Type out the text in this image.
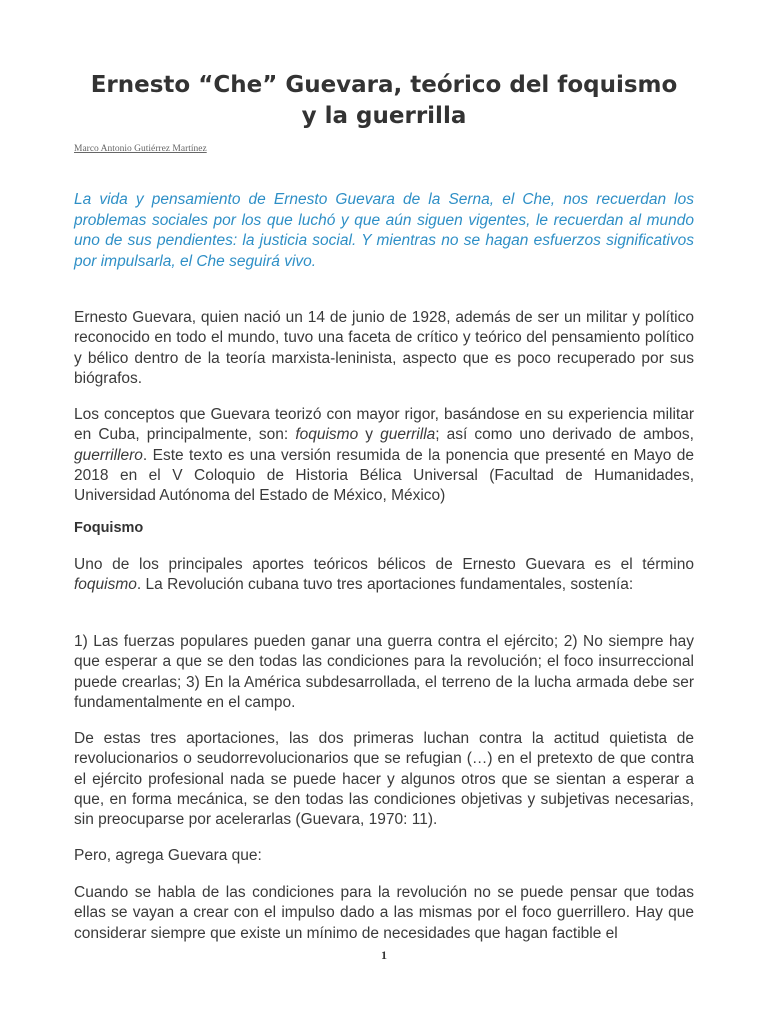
Ernesto “Che” Guevara, teórico del foquismo y la guerrilla
Marco Antonio Gutiérrez Martínez

La vida y pensamiento de Ernesto Guevara de la Serna, el Che, nos recuerdan los problemas sociales por los que luchó y que aún siguen vigentes, le recuerdan al mundo uno de sus pendientes: la justicia social. Y mientras no se hagan esfuerzos significativos por impulsarla, el Che seguirá vivo.

Ernesto Guevara, quien nació un 14 de junio de 1928, además de ser un militar y político reconocido en todo el mundo, tuvo una faceta de crítico y teórico del pensamiento político y bélico dentro de la teoría marxista-leninista, aspecto que es poco recuperado por sus biógrafos.

Los conceptos que Guevara teorizó con mayor rigor, basándose en su experiencia militar en Cuba, principalmente, son: foquismo y guerrilla; así como uno derivado de ambos, guerrillero. Este texto es una versión resumida de la ponencia que presenté en Mayo de 2018 en el V Coloquio de Historia Bélica Universal (Facultad de Humanidades, Universidad Autónoma del Estado de México, México)

Foquismo

Uno de los principales aportes teóricos bélicos de Ernesto Guevara es el término foquismo. La Revolución cubana tuvo tres aportaciones fundamentales, sostenía:

1) Las fuerzas populares pueden ganar una guerra contra el ejército; 2) No siempre hay que esperar a que se den todas las condiciones para la revolución; el foco insurreccional puede crearlas; 3) En la América subdesarrollada, el terreno de la lucha armada debe ser fundamentalmente en el campo.

De estas tres aportaciones, las dos primeras luchan contra la actitud quietista de revolucionarios o seudorrevolucionarios que se refugian (…) en el pretexto de que contra el ejército profesional nada se puede hacer y algunos otros que se sientan a esperar a que, en forma mecánica, se den todas las condiciones objetivas y subjetivas necesarias, sin preocuparse por acelerarlas (Guevara, 1970: 11).

Pero, agrega Guevara que:

Cuando se habla de las condiciones para la revolución no se puede pensar que todas ellas se vayan a crear con el impulso dado a las mismas por el foco guerrillero. Hay que considerar siempre que existe un mínimo de necesidades que hagan factible el

1
